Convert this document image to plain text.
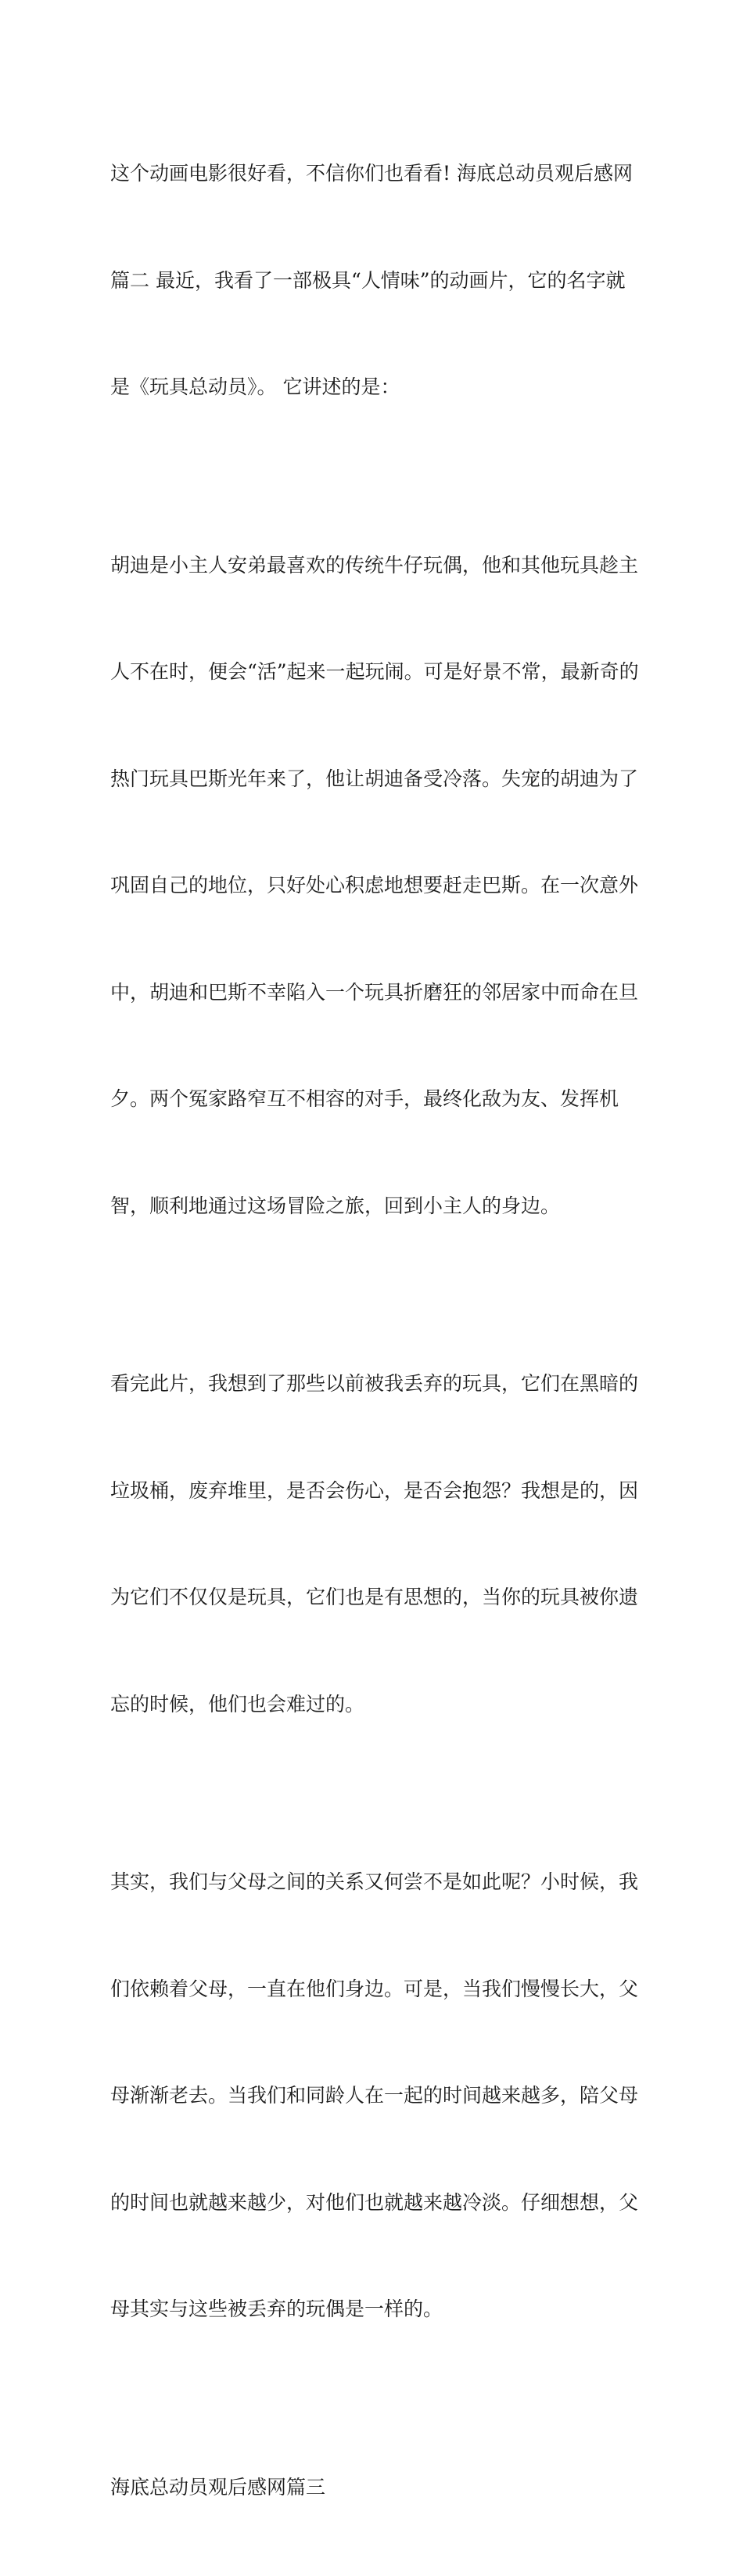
这个动画电影很好看，不信你们也看看! 海底总动员观后感网

篇二 最近，我看了一部极具“人情味”的动画片，它的名字就

是《玩具总动员》。 它讲述的是：

胡迪是小主人安弟最喜欢的传统牛仔玩偶，他和其他玩具趁主

人不在时，便会“活”起来一起玩闹。可是好景不常，最新奇的

热门玩具巴斯光年来了，他让胡迪备受冷落。失宠的胡迪为了

巩固自己的地位，只好处心积虑地想要赶走巴斯。在一次意外

中，胡迪和巴斯不幸陷入一个玩具折磨狂的邻居家中而命在旦

夕。两个冤家路窄互不相容的对手，最终化敌为友、发挥机

智，顺利地通过这场冒险之旅，回到小主人的身边。

看完此片，我想到了那些以前被我丢弃的玩具，它们在黑暗的

垃圾桶，废弃堆里，是否会伤心，是否会抱怨？我想是的，因

为它们不仅仅是玩具，它们也是有思想的，当你的玩具被你遗

忘的时候，他们也会难过的。

其实，我们与父母之间的关系又何尝不是如此呢？小时候，我

们依赖着父母，一直在他们身边。可是，当我们慢慢长大，父

母渐渐老去。当我们和同龄人在一起的时间越来越多，陪父母

的时间也就越来越少，对他们也就越来越冷淡。仔细想想，父

母其实与这些被丢弃的玩偶是一样的。

海底总动员观后感网篇三
